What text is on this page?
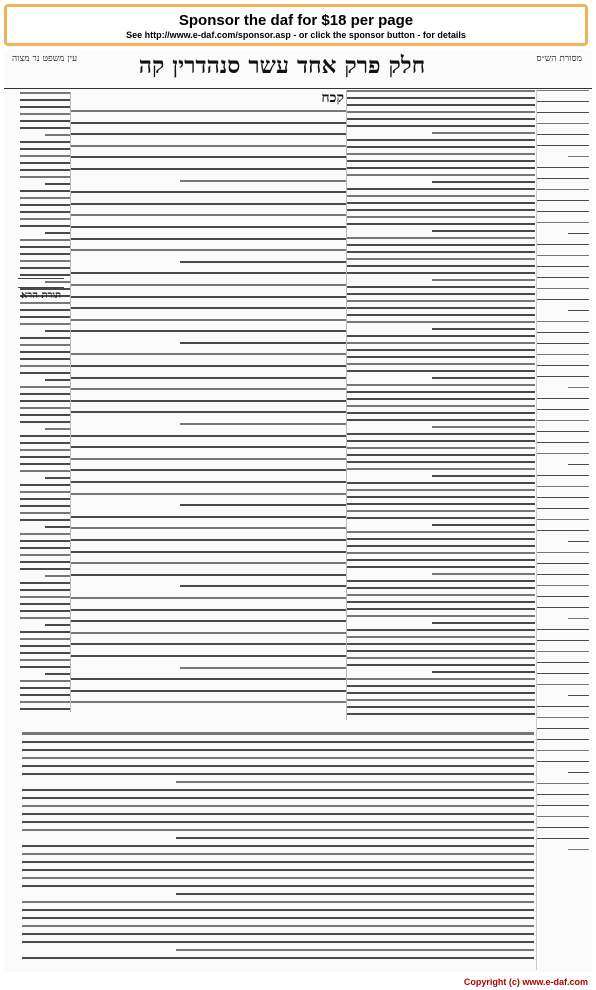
Sponsor the daf for $18 per page
See http://www.e-daf.com/sponsor.asp - or click the sponsor button - for details
עין משפט נר מצוה	חלק פרק אחד עשר סנהדרין קה	מסורת הש״ס
קכח
תורת הרא
Copyright (c) www.e-daf.com
